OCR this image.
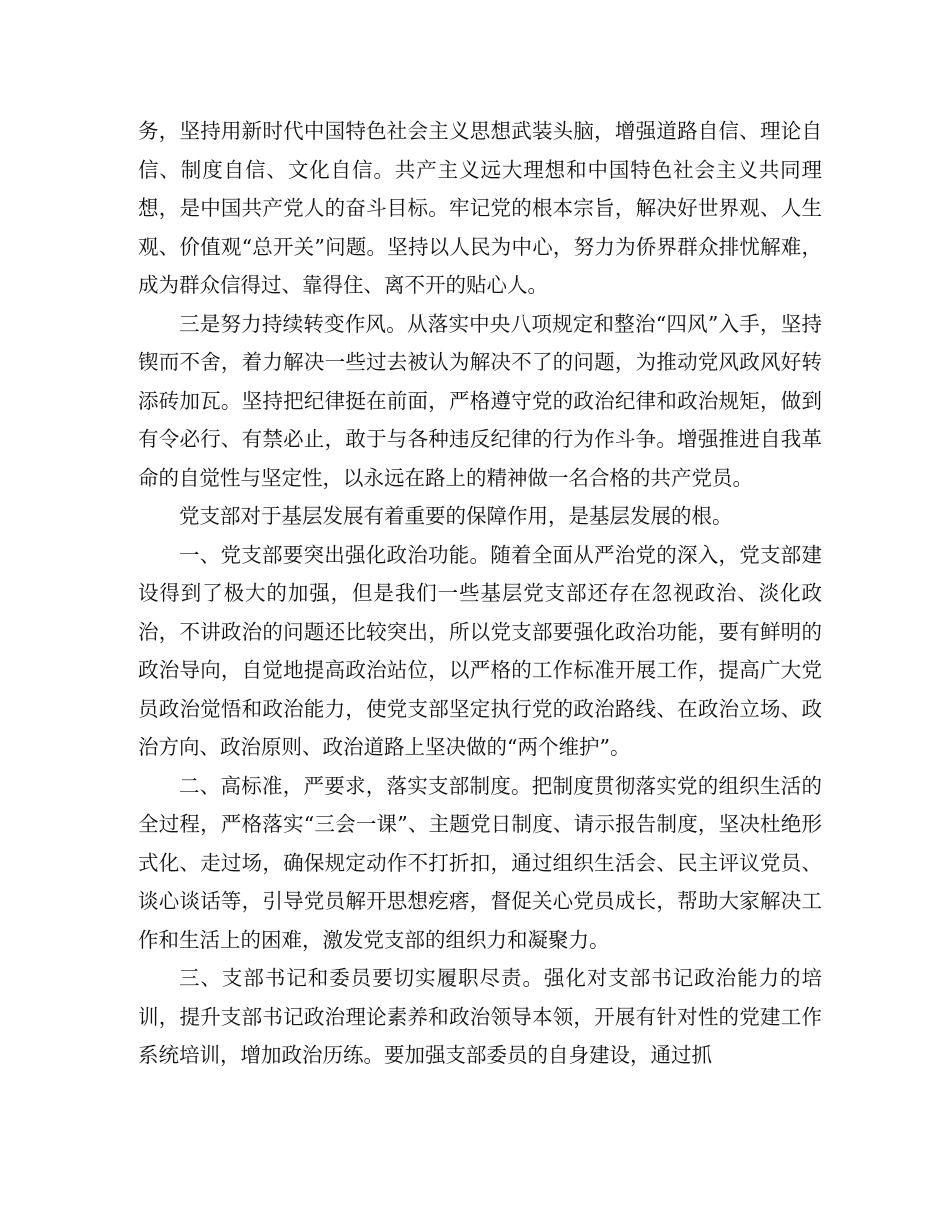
务，坚持用新时代中国特色社会主义思想武装头脑，增强道路自信、理论自信、制度自信、文化自信。共产主义远大理想和中国特色社会主义共同理想，是中国共产党人的奋斗目标。牢记党的根本宗旨，解决好世界观、人生观、价值观“总开关”问题。坚持以人民为中心，努力为侨界群众排忧解难，成为群众信得过、靠得住、离不开的贴心人。

三是努力持续转变作风。从落实中央八项规定和整治“四风”入手，坚持锲而不舍，着力解决一些过去被认为解决不了的问题，为推动党风政风好转添砖加瓦。坚持把纪律挺在前面，严格遵守党的政治纪律和政治规矩，做到有令必行、有禁必止，敢于与各种违反纪律的行为作斗争。增强推进自我革命的自觉性与坚定性，以永远在路上的精神做一名合格的共产党员。

党支部对于基层发展有着重要的保障作用，是基层发展的根。

一、党支部要突出强化政治功能。随着全面从严治党的深入，党支部建设得到了极大的加强，但是我们一些基层党支部还存在忽视政治、淡化政治，不讲政治的问题还比较突出，所以党支部要强化政治功能，要有鲜明的政治导向，自觉地提高政治站位，以严格的工作标准开展工作，提高广大党员政治觉悟和政治能力，使党支部坚定执行党的政治路线、在政治立场、政治方向、政治原则、政治道路上坚决做的“两个维护”。

二、高标准，严要求，落实支部制度。把制度贯彻落实党的组织生活的全过程，严格落实“三会一课”、主题党日制度、请示报告制度，坚决杜绝形式化、走过场，确保规定动作不打折扣，通过组织生活会、民主评议党员、谈心谈话等，引导党员解开思想疙瘩，督促关心党员成长，帮助大家解决工作和生活上的困难，激发党支部的组织力和凝聚力。

三、支部书记和委员要切实履职尽责。强化对支部书记政治能力的培训，提升支部书记政治理论素养和政治领导本领，开展有针对性的党建工作系统培训，增加政治历练。要加强支部委员的自身建设，通过抓
